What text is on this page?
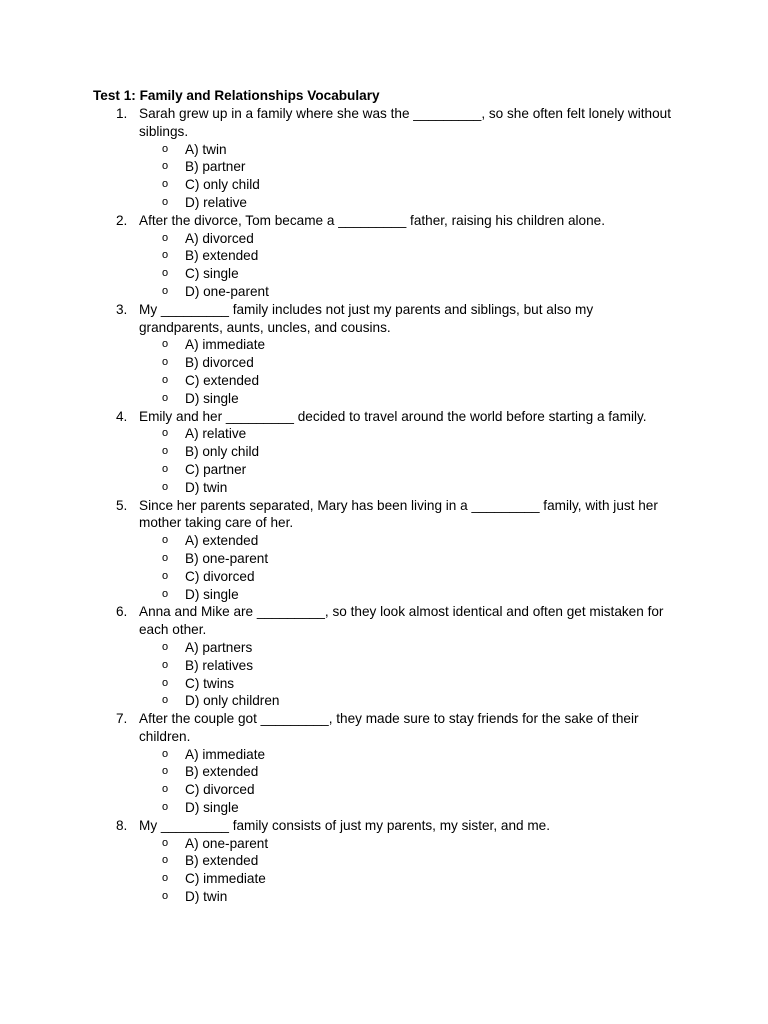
Test 1: Family and Relationships Vocabulary
1. Sarah grew up in a family where she was the _________, so she often felt lonely without siblings.
o A) twin
o B) partner
o C) only child
o D) relative
2. After the divorce, Tom became a _________ father, raising his children alone.
o A) divorced
o B) extended
o C) single
o D) one-parent
3. My _________ family includes not just my parents and siblings, but also my grandparents, aunts, uncles, and cousins.
o A) immediate
o B) divorced
o C) extended
o D) single
4. Emily and her _________ decided to travel around the world before starting a family.
o A) relative
o B) only child
o C) partner
o D) twin
5. Since her parents separated, Mary has been living in a _________ family, with just her mother taking care of her.
o A) extended
o B) one-parent
o C) divorced
o D) single
6. Anna and Mike are _________, so they look almost identical and often get mistaken for each other.
o A) partners
o B) relatives
o C) twins
o D) only children
7. After the couple got _________, they made sure to stay friends for the sake of their children.
o A) immediate
o B) extended
o C) divorced
o D) single
8. My _________ family consists of just my parents, my sister, and me.
o A) one-parent
o B) extended
o C) immediate
o D) twin
